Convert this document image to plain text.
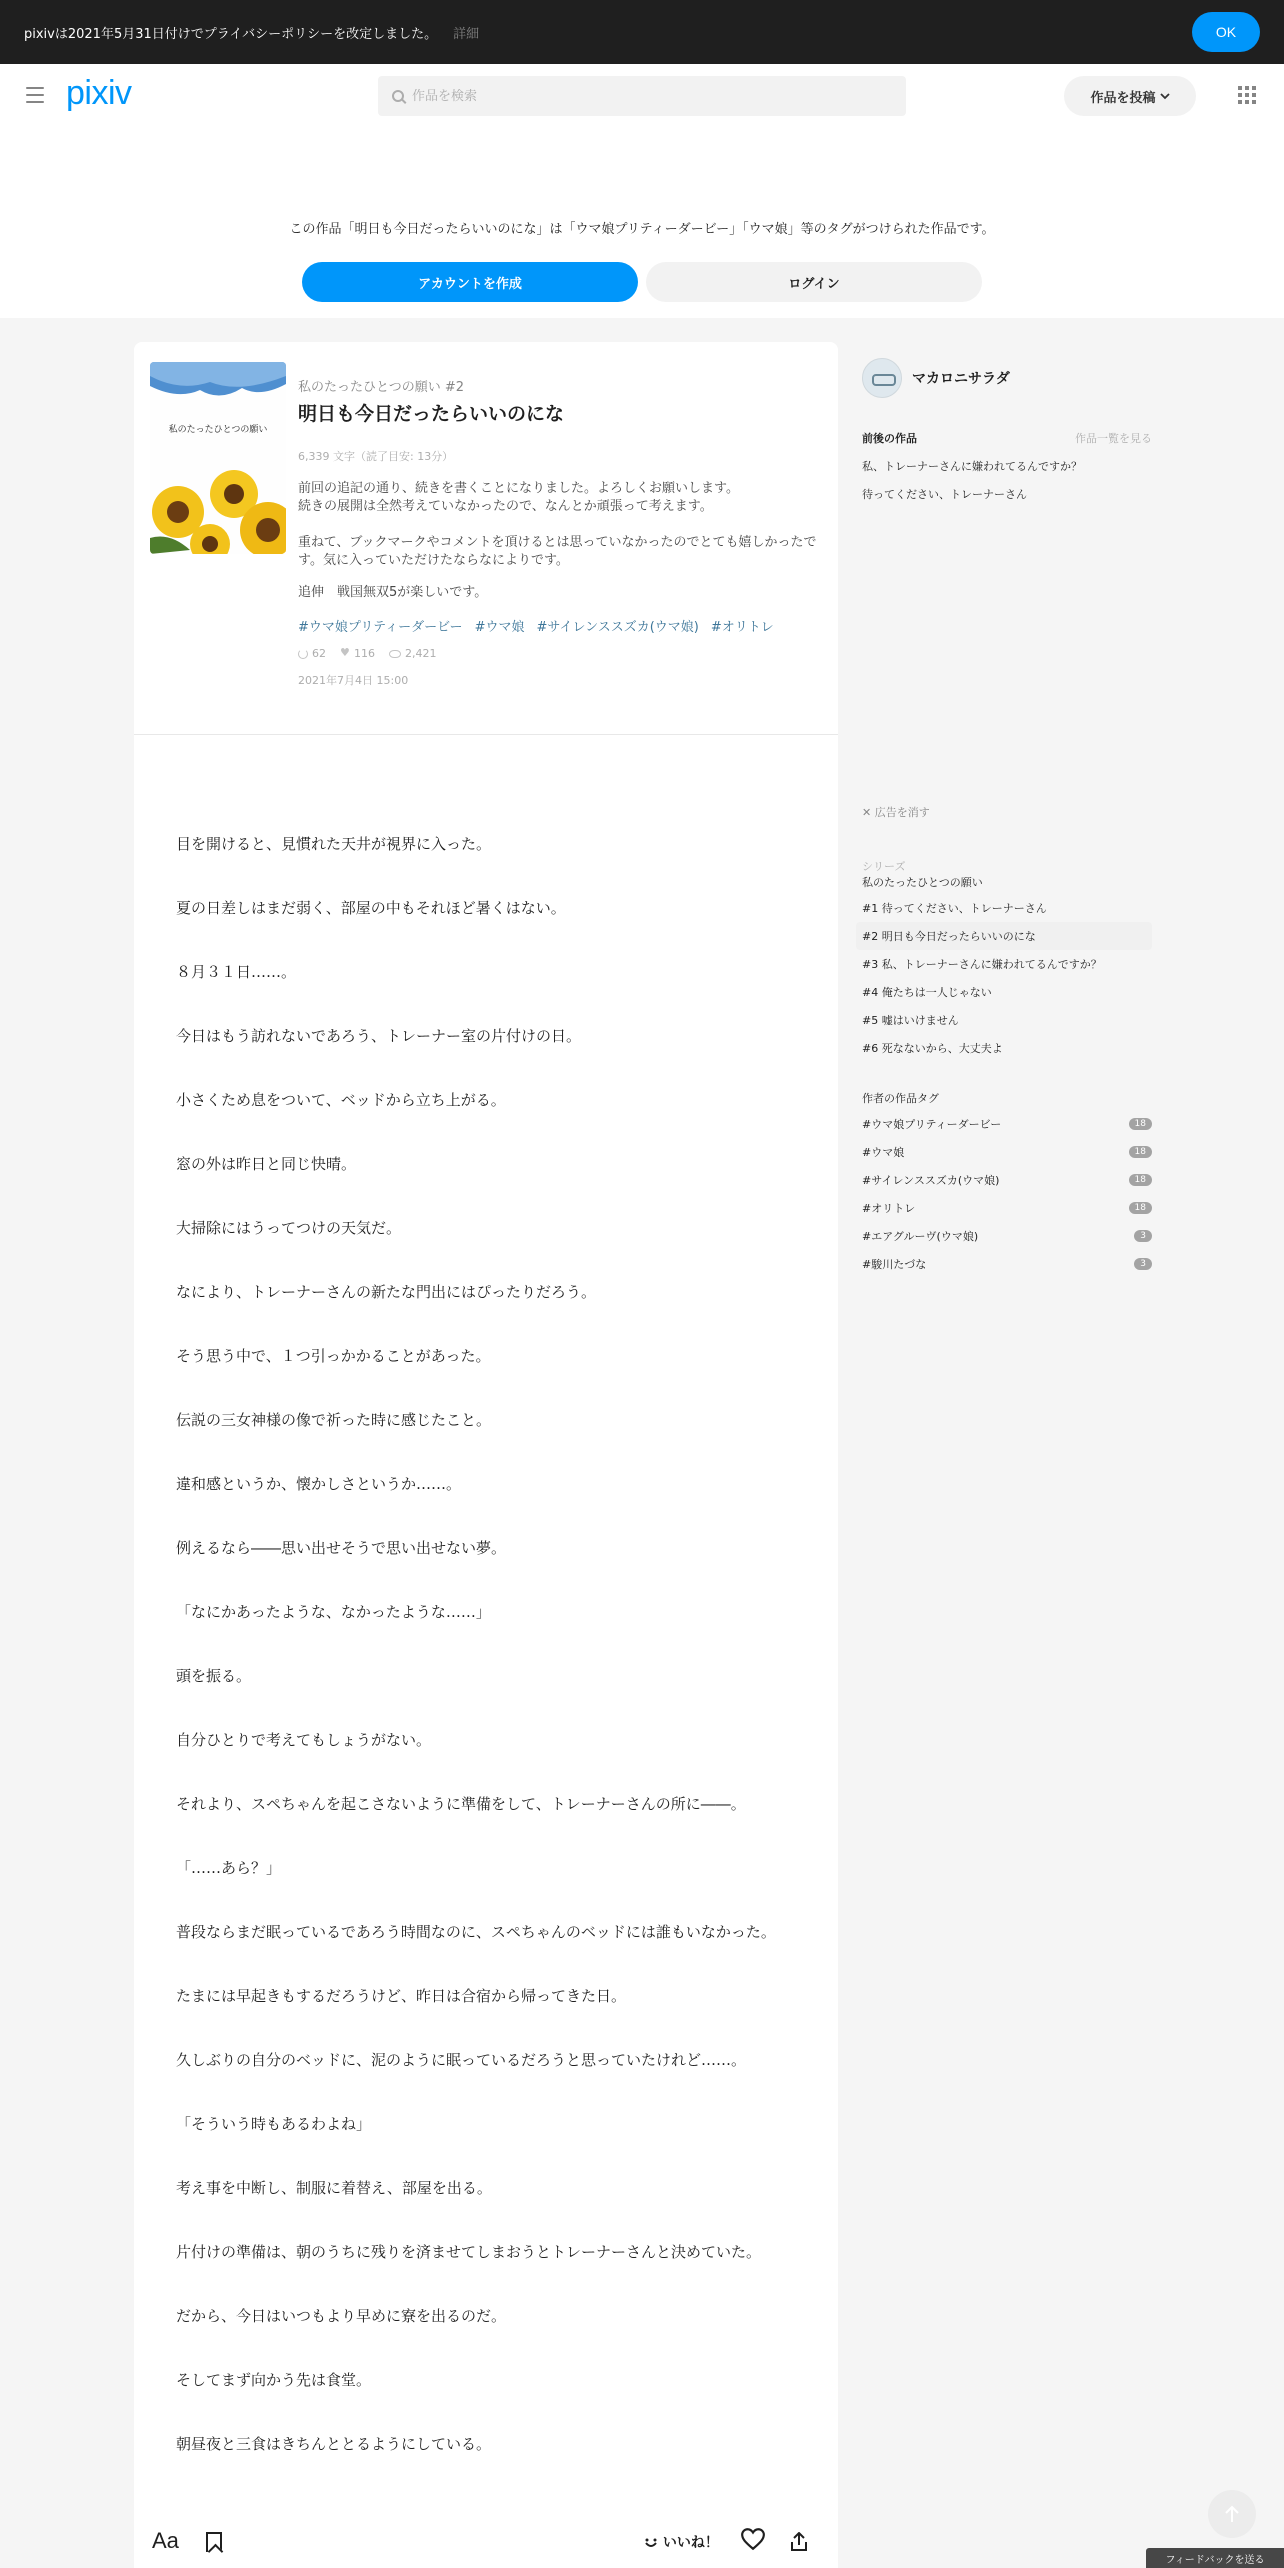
pixivは2021年5月31日付けでプライバシーポリシーを改定しました。 詳細	OK
pixiv
作品を検索	作品を投稿
この作品「明日も今日だったらいいのにな」は「ウマ娘プリティーダービー」「ウマ娘」等のタグがつけられた作品です。
アカウントを作成	ログイン
私のたったひとつの願い
私のたったひとつの願い #2
明日も今日だったらいいのにな
6,339 文字（読了目安: 13分）
前回の追記の通り、続きを書くことになりました。よろしくお願いします。
続きの展開は全然考えていなかったので、なんとか頑張って考えます。

重ねて、ブックマークやコメントを頂けるとは思っていなかったのでとても嬉しかったです。気に入っていただけたならなによりです。
追伸　戦国無双5が楽しいです。
#ウマ娘プリティーダービー #ウマ娘 #サイレンススズカ(ウマ娘) #オリトレ
62 ♥	116	2,421
2021年7月4日 15:00

目を開けると、見慣れた天井が視界に入った。

夏の日差しはまだ弱く、部屋の中もそれほど暑くはない。

８月３１日……。

今日はもう訪れないであろう、トレーナー室の片付けの日。

小さくため息をついて、ベッドから立ち上がる。

窓の外は昨日と同じ快晴。

大掃除にはうってつけの天気だ。

なにより、トレーナーさんの新たな門出にはぴったりだろう。

そう思う中で、１つ引っかかることがあった。

伝説の三女神様の像で祈った時に感じたこと。

違和感というか、懐かしさというか……。

例えるなら――思い出せそうで思い出せない夢。

「なにかあったような、なかったような……」

頭を振る。

自分ひとりで考えてもしょうがない。

それより、スペちゃんを起こさないように準備をして、トレーナーさんの所に――。

「……あら？」

普段ならまだ眠っているであろう時間なのに、スペちゃんのベッドには誰もいなかった。

たまには早起きもするだろうけど、昨日は合宿から帰ってきた日。

久しぶりの自分のベッドに、泥のように眠っているだろうと思っていたけれど……。

「そういう時もあるわよね」

考え事を中断し、制服に着替え、部屋を出る。

片付けの準備は、朝のうちに残りを済ませてしまおうとトレーナーさんと決めていた。

だから、今日はいつもより早めに寮を出るのだ。

そしてまず向かう先は食堂。

朝昼夜と三食はきちんととるようにしている。

Aa	いいね！
マカロニサラダ
前後の作品	作品一覧を見る
私、トレーナーさんに嫌われてるんですか？
待ってください、トレーナーさん
✕ 広告を消す
シリーズ
私のたったひとつの願い
#1 待ってください、トレーナーさん
#2 明日も今日だったらいいのにな
#3 私、トレーナーさんに嫌われてるんですか？
#4 俺たちは一人じゃない
#5 嘘はいけません
#6 死なないから、大丈夫よ
作者の作品タグ
#ウマ娘プリティーダービー	18
#ウマ娘	18
#サイレンススズカ(ウマ娘)	18
#オリトレ	18
#エアグルーヴ(ウマ娘)	3
#駿川たづな	3
フィードバックを送る
